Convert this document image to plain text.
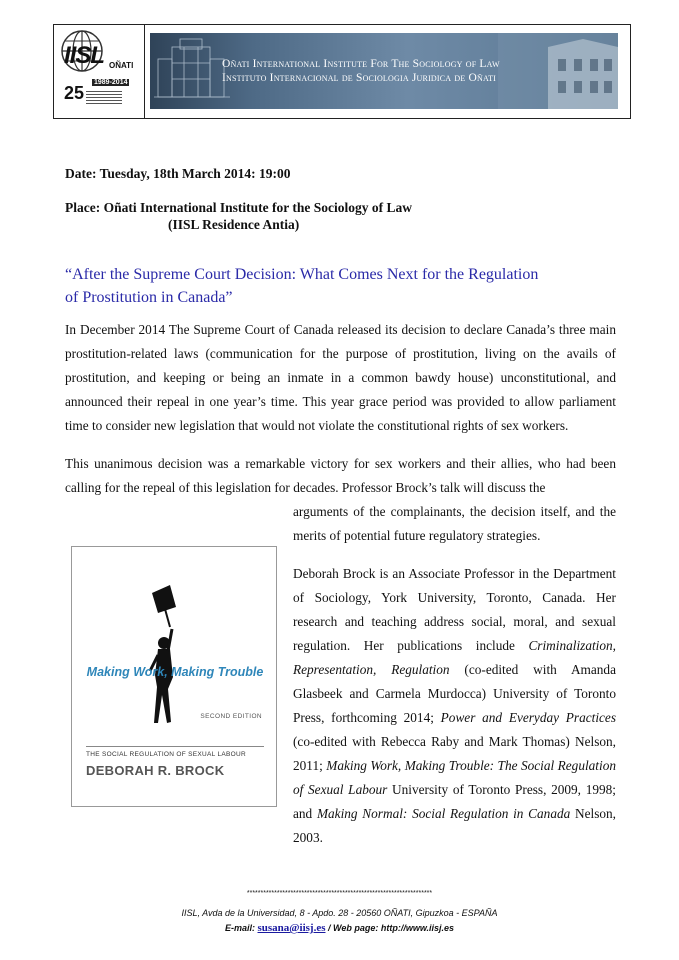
IISL OÑATI
1989-2014
25
Oñati International Institute For The Sociology of Law
Instituto Internacional de Sociologia Juridica de Oñati
Date: Tuesday, 18th March 2014: 19:00
Place: Oñati International Institute for the Sociology of Law
(IISL Residence Antia)
“After the Supreme Court Decision: What Comes Next for the Regulation
of Prostitution in Canada”
In December 2014 The Supreme Court of Canada released its decision to declare Canada’s three main prostitution-related laws (communication for the purpose of prostitution, living on the avails of prostitution, and keeping or being an inmate in a common bawdy house) unconstitutional, and announced their repeal in one year’s time. This year grace period was provided to allow parliament time to consider new legislation that would not violate the constitutional rights of sex workers.
This unanimous decision was a remarkable victory for sex workers and their allies, who had been calling for the repeal of this legislation for decades. Professor Brock’s talk will discuss the
arguments of the complainants, the decision itself, and the merits of potential future regulatory strategies.
Deborah Brock is an Associate Professor in the Department of Sociology, York University, Toronto, Canada. Her research and teaching address social, moral, and sexual regulation. Her publications include Criminalization, Representation, Regulation (co-edited with Amanda Glasbeek and Carmela Murdocca) University of Toronto Press, forthcoming 2014; Power and Everyday Practices (co-edited with Rebecca Raby and Mark Thomas) Nelson, 2011; Making Work, Making Trouble: The Social Regulation of Sexual Labour University of Toronto Press, 2009, 1998; and Making Normal: Social Regulation in Canada Nelson, 2003.
Making Work, Making Trouble
SECOND EDITION
THE SOCIAL REGULATION OF SEXUAL LABOUR
DEBORAH R. BROCK
********************************************************************
IISL, Avda de la Universidad, 8 - Apdo. 28 - 20560 OÑATI, Gipuzkoa - ESPAÑA
E-mail: susana@iisj.es / Web page: http://www.iisj.es
